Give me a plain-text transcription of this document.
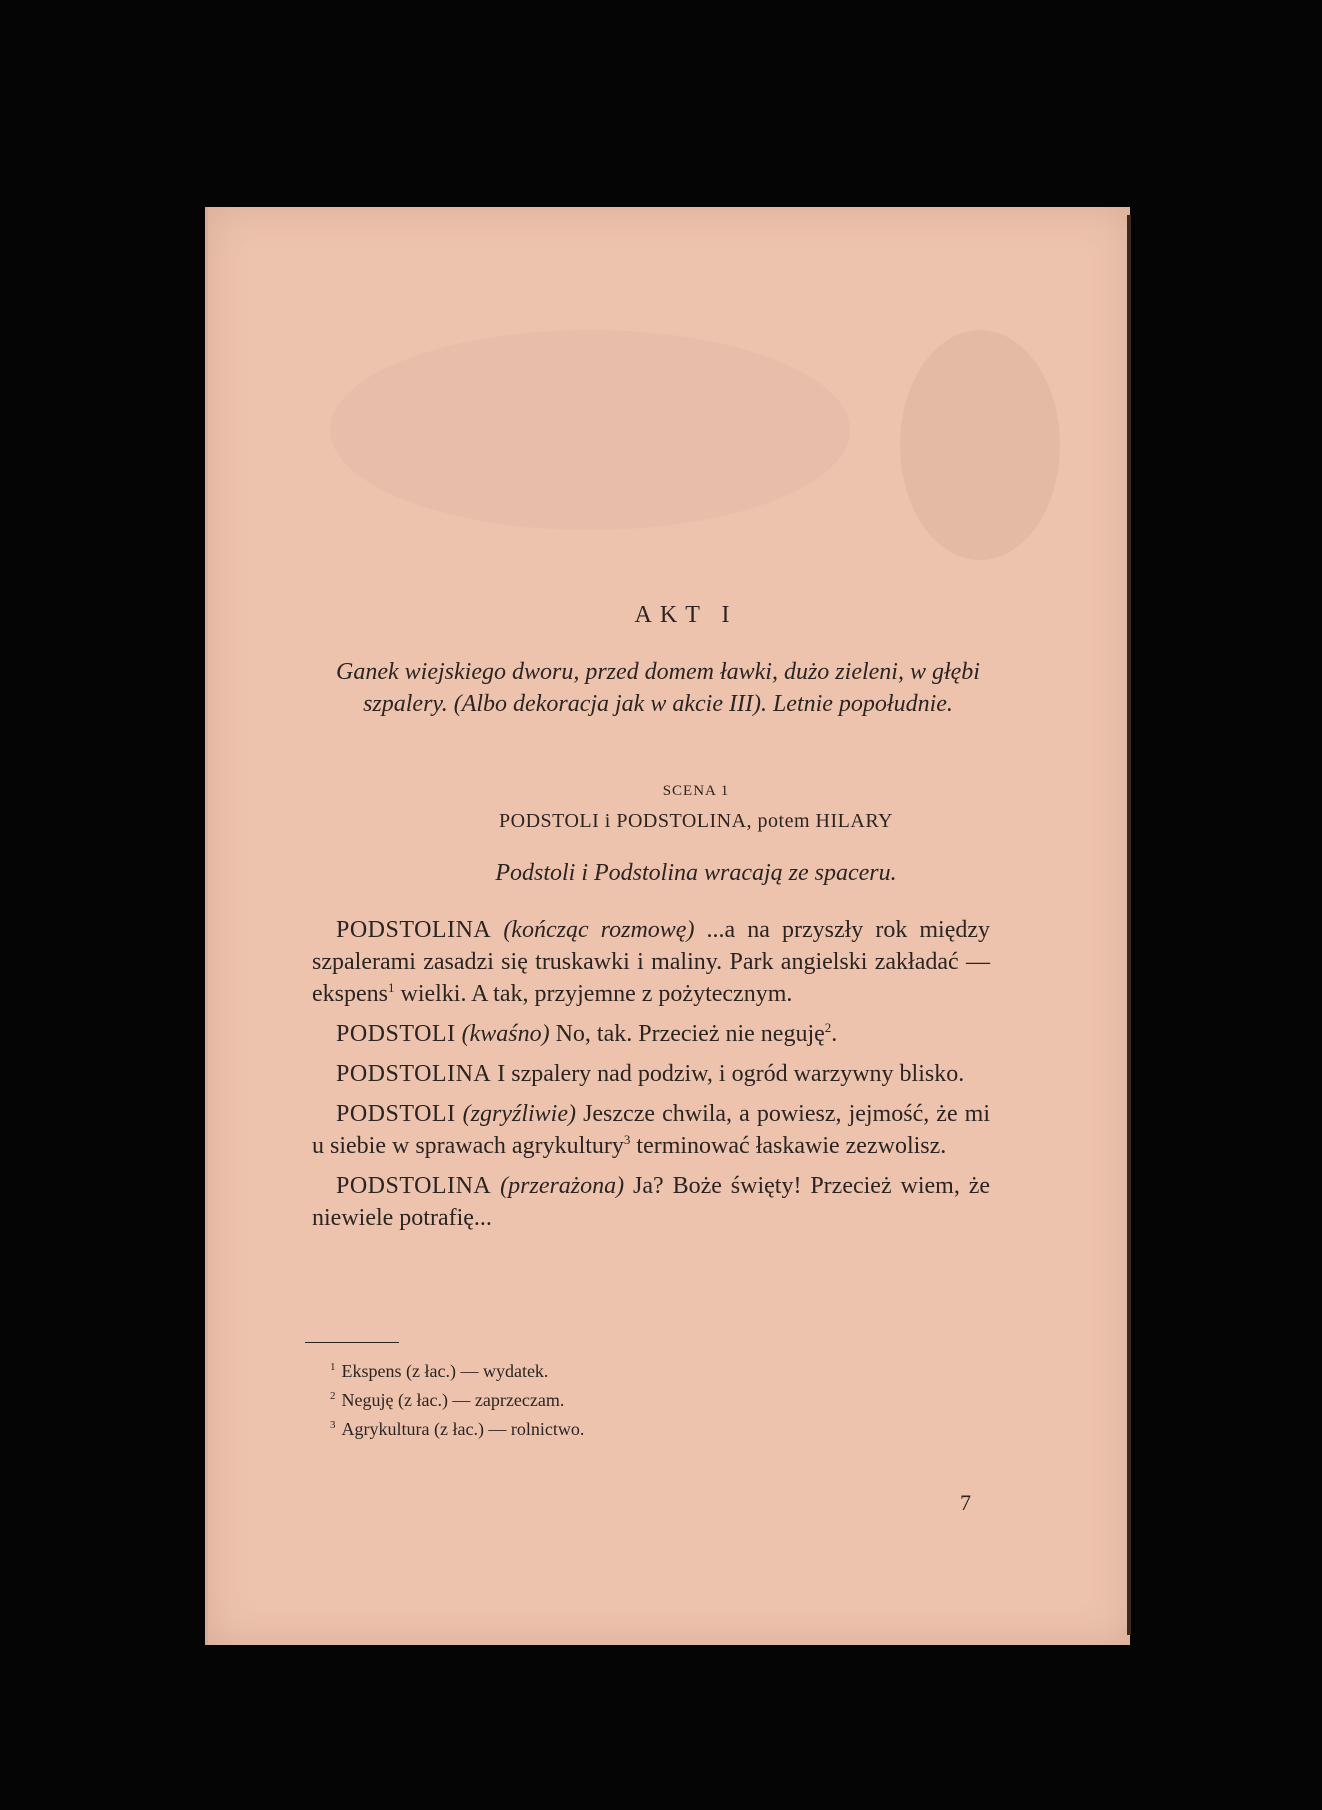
AKT I
Ganek wiejskiego dworu, przed domem ławki, dużo zieleni, w głębi szpalery. (Albo dekoracja jak w akcie III). Letnie popołudnie.
SCENA 1
PODSTOLI i PODSTOLINA, potem HILARY
Podstoli i Podstolina wracają ze spaceru.

PODSTOLINA (kończąc rozmowę) ...a na przyszły rok między szpalerami zasadzi się truskawki i maliny. Park angielski zakładać — ekspens$^1$ wielki. A tak, przyjemne z pożytecznym.

PODSTOLI (kwaśno) No, tak. Przecież nie neguję$^2$.

PODSTOLINA I szpalery nad podziw, i ogród warzywny blisko.

PODSTOLI (zgryźliwie) Jeszcze chwila, a powiesz, jejmość, że mi u siebie w sprawach agrykultury$^3$ terminować łaskawie zezwolisz.

PODSTOLINA (przerażona) Ja? Boże święty! Przecież wiem, że niewiele potrafię...

$^1$ Ekspens (z łac.) — wydatek.
$^2$ Neguję (z łac.) — zaprzeczam.
$^3$ Agrykultura (z łac.) — rolnictwo.
7
